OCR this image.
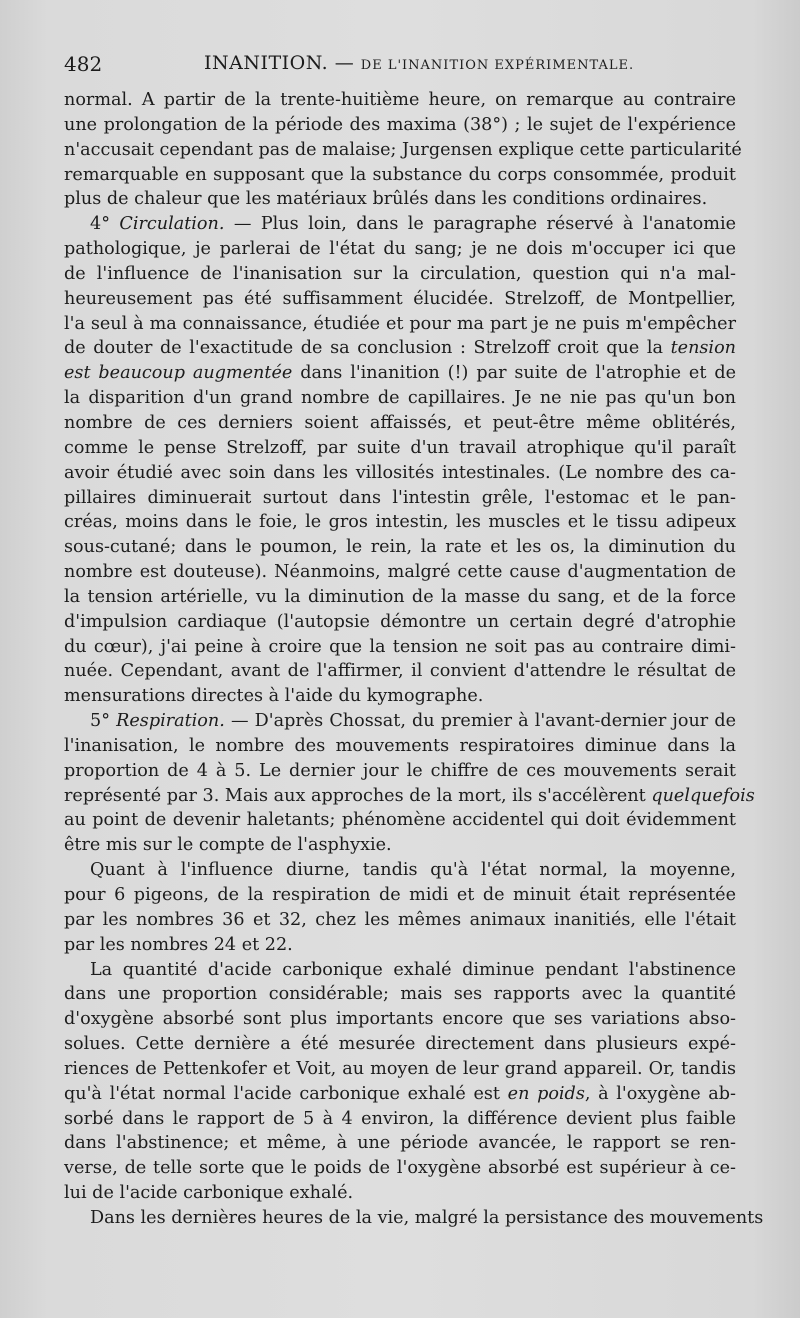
482	INANITION. — DE L'INANITION EXPÉRIMENTALE.
normal. A partir de la trente-huitième heure, on remarque au contraire
une prolongation de la période des maxima (38°) ; le sujet de l'expérience
n'accusait cependant pas de malaise; Jurgensen explique cette particularité
remarquable en supposant que la substance du corps consommée, produit
plus de chaleur que les matériaux brûlés dans les conditions ordinaires.
4° Circulation. — Plus loin, dans le paragraphe réservé à l'anatomie
pathologique, je parlerai de l'état du sang; je ne dois m'occuper ici que
de l'influence de l'inanisation sur la circulation, question qui n'a mal-
heureusement pas été suffisamment élucidée. Strelzoff, de Montpellier,
l'a seul à ma connaissance, étudiée et pour ma part je ne puis m'empêcher
de douter de l'exactitude de sa conclusion : Strelzoff croit que la tension
est beaucoup augmentée dans l'inanition (!) par suite de l'atrophie et de
la disparition d'un grand nombre de capillaires. Je ne nie pas qu'un bon
nombre de ces derniers soient affaissés, et peut-être même oblitérés,
comme le pense Strelzoff, par suite d'un travail atrophique qu'il paraît
avoir étudié avec soin dans les villosités intestinales. (Le nombre des ca-
pillaires diminuerait surtout dans l'intestin grêle, l'estomac et le pan-
créas, moins dans le foie, le gros intestin, les muscles et le tissu adipeux
sous-cutané; dans le poumon, le rein, la rate et les os, la diminution du
nombre est douteuse). Néanmoins, malgré cette cause d'augmentation de
la tension artérielle, vu la diminution de la masse du sang, et de la force
d'impulsion cardiaque (l'autopsie démontre un certain degré d'atrophie
du cœur), j'ai peine à croire que la tension ne soit pas au contraire dimi-
nuée. Cependant, avant de l'affirmer, il convient d'attendre le résultat de
mensurations directes à l'aide du kymographe.
5° Respiration. — D'après Chossat, du premier à l'avant-dernier jour de
l'inanisation, le nombre des mouvements respiratoires diminue dans la
proportion de 4 à 5. Le dernier jour le chiffre de ces mouvements serait
représenté par 3. Mais aux approches de la mort, ils s'accélèrent quelquefois
au point de devenir haletants; phénomène accidentel qui doit évidemment
être mis sur le compte de l'asphyxie.
Quant à l'influence diurne, tandis qu'à l'état normal, la moyenne,
pour 6 pigeons, de la respiration de midi et de minuit était représentée
par les nombres 36 et 32, chez les mêmes animaux inanitiés, elle l'était
par les nombres 24 et 22.
La quantité d'acide carbonique exhalé diminue pendant l'abstinence
dans une proportion considérable; mais ses rapports avec la quantité
d'oxygène absorbé sont plus importants encore que ses variations abso-
solues. Cette dernière a été mesurée directement dans plusieurs expé-
riences de Pettenkofer et Voit, au moyen de leur grand appareil. Or, tandis
qu'à l'état normal l'acide carbonique exhalé est en poids, à l'oxygène ab-
sorbé dans le rapport de 5 à 4 environ, la différence devient plus faible
dans l'abstinence; et même, à une période avancée, le rapport se ren-
verse, de telle sorte que le poids de l'oxygène absorbé est supérieur à ce-
lui de l'acide carbonique exhalé.
Dans les dernières heures de la vie, malgré la persistance des mouvements
